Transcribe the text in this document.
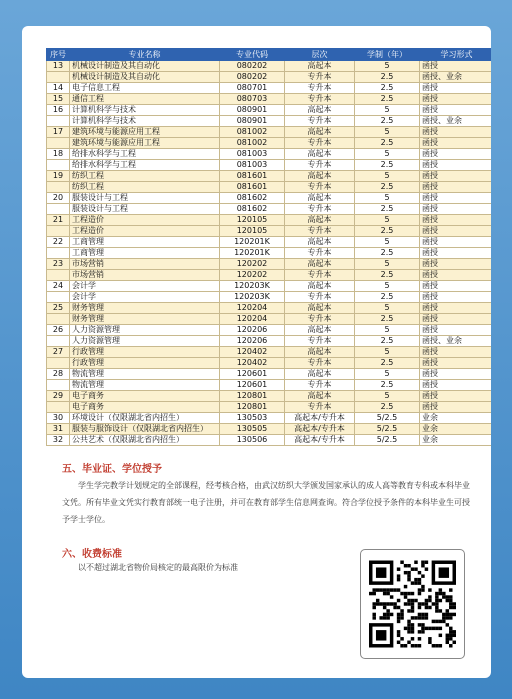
序号	专业名称	专业代码	层次	学制（年）	学习形式
13	机械设计制造及其自动化	080202	高起本	5	函授
	机械设计制造及其自动化	080202	专升本	2.5	函授、业余
14	电子信息工程	080701	专升本	2.5	函授
15	通信工程	080703	专升本	2.5	函授
16	计算机科学与技术	080901	高起本	5	函授
	计算机科学与技术	080901	专升本	2.5	函授、业余
17	建筑环境与能源应用工程	081002	高起本	5	函授
	建筑环境与能源应用工程	081002	专升本	2.5	函授
18	给排水科学与工程	081003	高起本	5	函授
	给排水科学与工程	081003	专升本	2.5	函授
19	纺织工程	081601	高起本	5	函授
	纺织工程	081601	专升本	2.5	函授
20	服装设计与工程	081602	高起本	5	函授
	服装设计与工程	081602	专升本	2.5	函授
21	工程造价	120105	高起本	5	函授
	工程造价	120105	专升本	2.5	函授
22	工商管理	120201K	高起本	5	函授
	工商管理	120201K	专升本	2.5	函授
23	市场营销	120202	高起本	5	函授
	市场营销	120202	专升本	2.5	函授
24	会计学	120203K	高起本	5	函授
	会计学	120203K	专升本	2.5	函授
25	财务管理	120204	高起本	5	函授
	财务管理	120204	专升本	2.5	函授
26	人力资源管理	120206	高起本	5	函授
	人力资源管理	120206	专升本	2.5	函授、业余
27	行政管理	120402	高起本	5	函授
	行政管理	120402	专升本	2.5	函授
28	物流管理	120601	高起本	5	函授
	物流管理	120601	专升本	2.5	函授
29	电子商务	120801	高起本	5	函授
	电子商务	120801	专升本	2.5	函授
30	环境设计（仅限湖北省内招生）	130503	高起本/专升本	5/2.5	业余
31	服装与服饰设计（仅限湖北省内招生）	130505	高起本/专升本	5/2.5	业余
32	公共艺术（仅限湖北省内招生）	130506	高起本/专升本	5/2.5	业余
五、毕业证、学位授予
学生学完教学计划规定的全部课程，经考核合格，由武汉纺织大学颁发国家承认的成人高等教育专科或本科毕业文凭。所有毕业文凭实行教育部统一电子注册，并可在教育部学生信息网查询。符合学位授予条件的本科毕业生可授予学士学位。
六、收费标准
以不超过湖北省物价局核定的最高限价为标准
